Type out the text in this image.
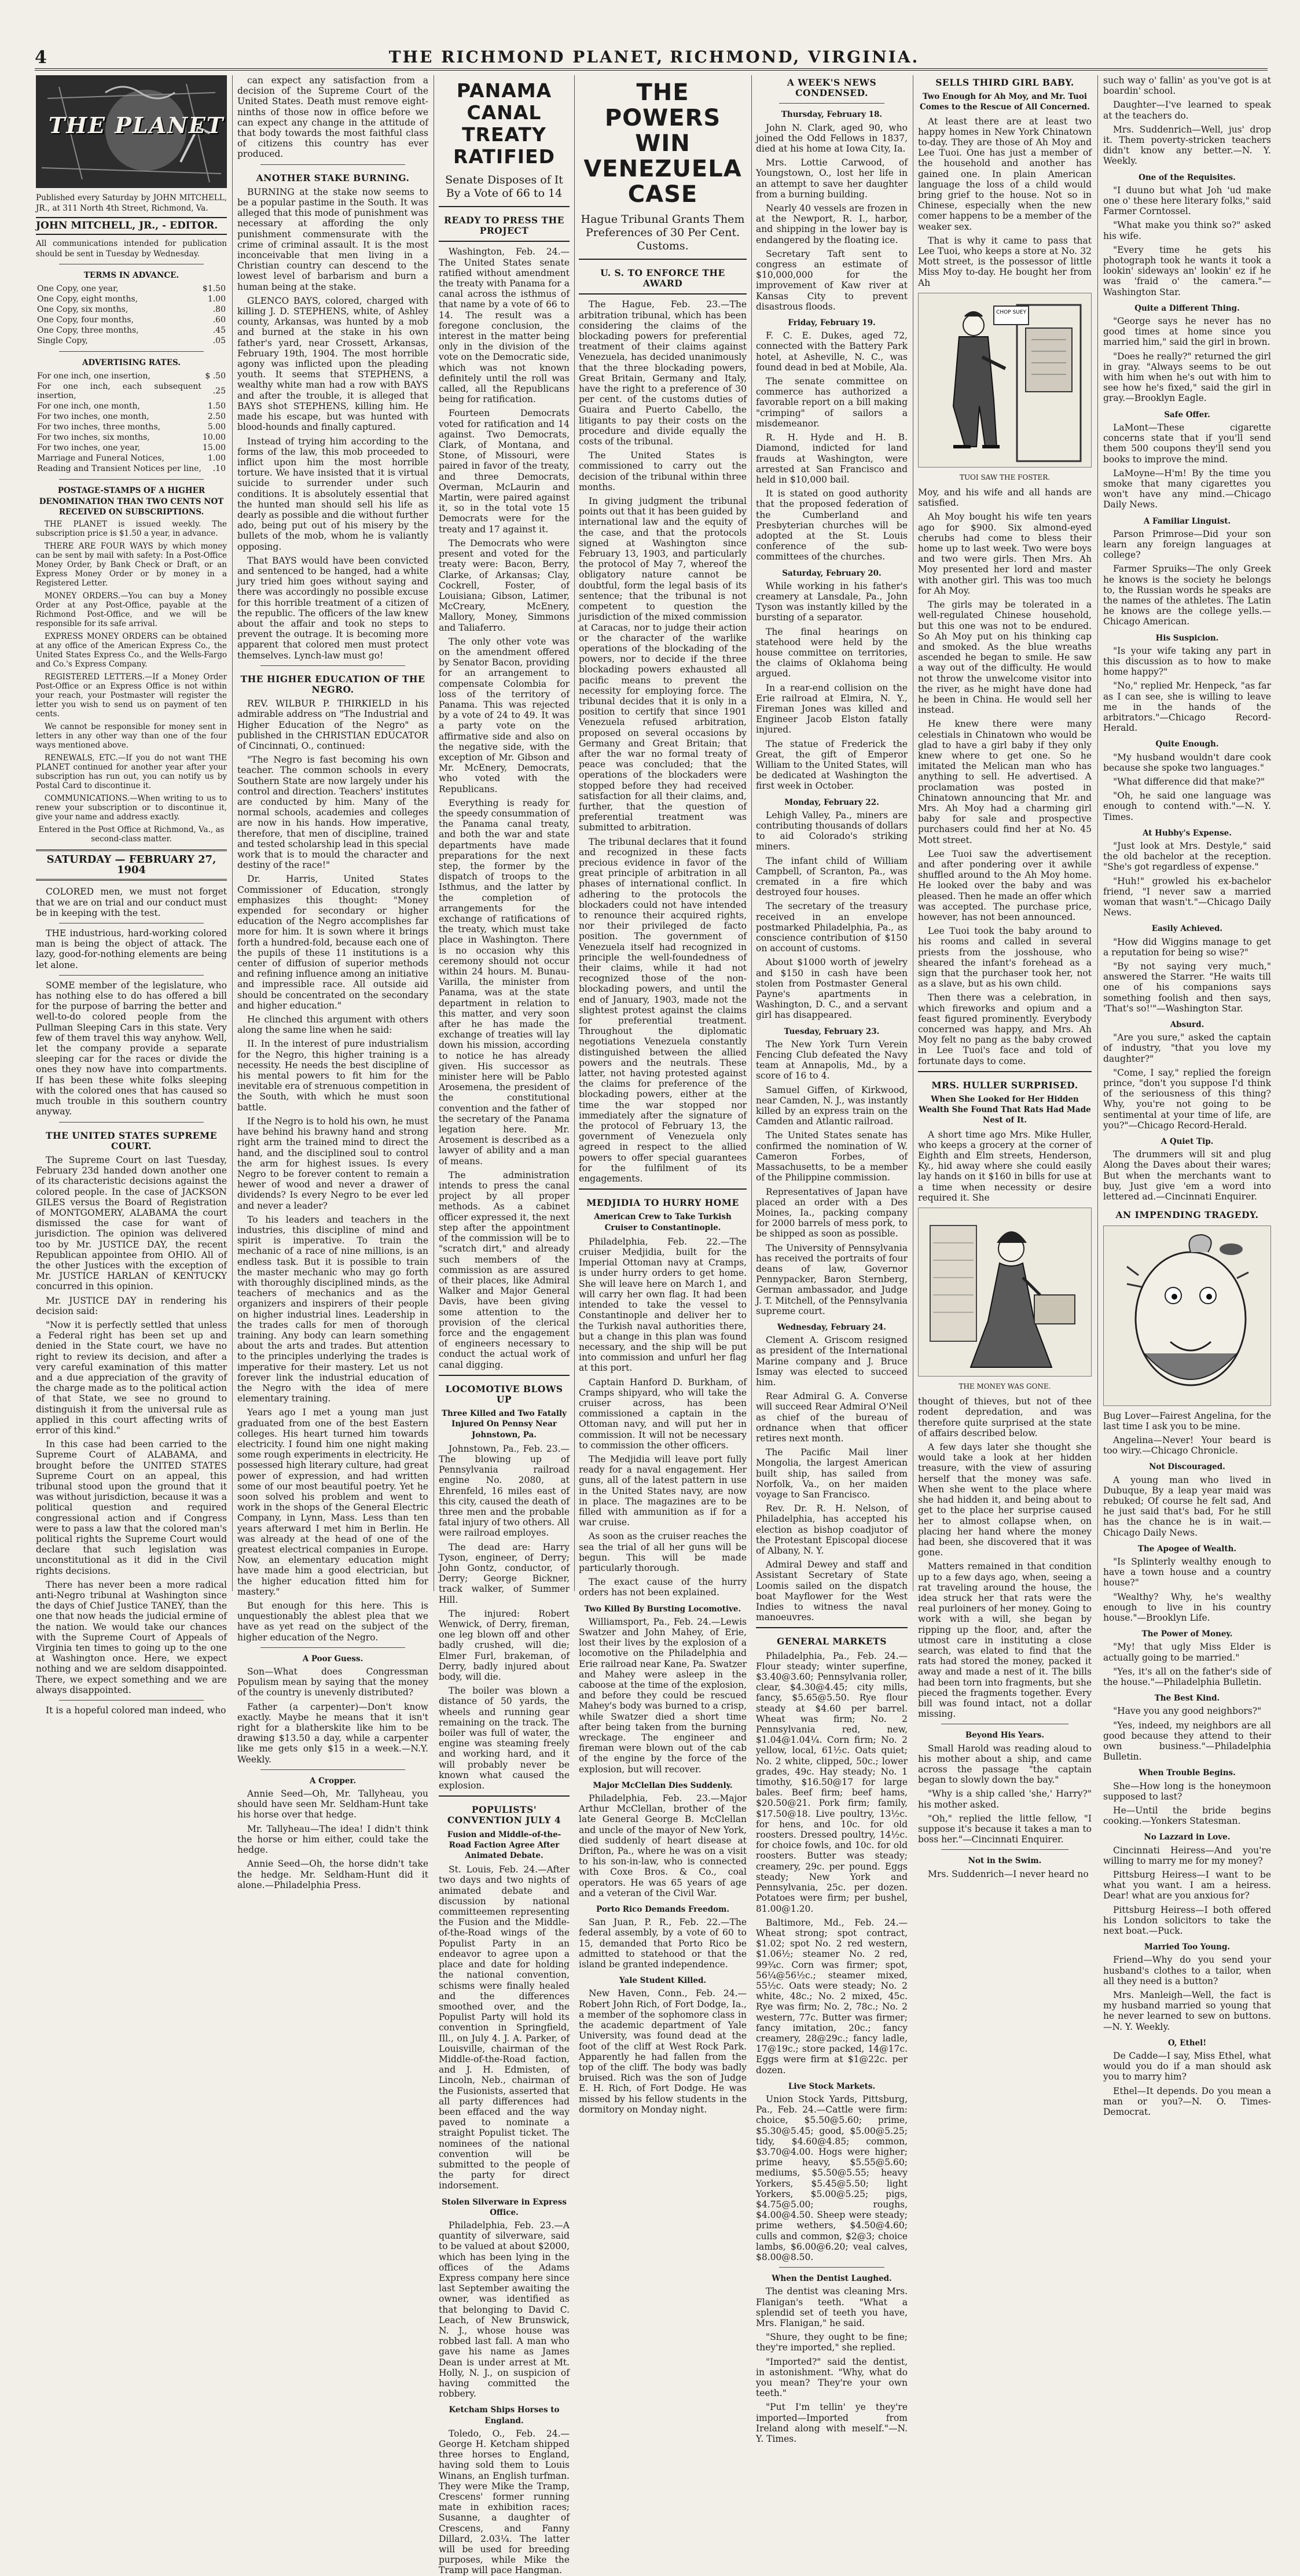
4	THE RICHMOND PLANET, RICHMOND, VIRGINIA.
THE PLANET

Published every Saturday by JOHN MITCHELL, JR., at 311 North 4th Street, Richmond, Va.

JOHN MITCHELL, JR., - EDITOR.

All communications intended for publication should be sent in Tuesday by Wednesday.

TERMS IN ADVANCE.

One Copy, one year,	$1.50
One Copy, eight months,	1.00
One Copy, six months,	.80
One Copy, four months,	.60
One Copy, three months,	.45
Single Copy,	.05

ADVERTISING RATES.

For one inch, one insertion,	$ .50
For one inch, each subsequent insertion,	.25
For one inch, one month,	1.50
For two inches, one month,	2.50
For two inches, three months,	5.00
For two inches, six months,	10.00
For two inches, one year,	15.00
Marriage and Funeral Notices,	1.00
Reading and Transient Notices per line,	.10

POSTAGE-STAMPS OF A HIGHER DENOMINATION THAN TWO CENTS NOT RECEIVED ON SUBSCRIPTIONS.

THE PLANET is issued weekly. The subscription price is $1.50 a year, in advance.

THERE ARE FOUR WAYS by which money can be sent by mail with safety: In a Post-Office Money Order, by Bank Check or Draft, or an Express Money Order or by money in a Registered Letter.

MONEY ORDERS.—You can buy a Money Order at any Post-Office, payable at the Richmond Post-Office, and we will be responsible for its safe arrival.

EXPRESS MONEY ORDERS can be obtained at any office of the American Express Co., the United States Express Co., and the Wells-Fargo and Co.'s Express Company.

REGISTERED LETTERS.—If a Money Order Post-Office or an Express Office is not within your reach, your Postmaster will register the letter you wish to send us on payment of ten cents.

We cannot be responsible for money sent in letters in any other way than one of the four ways mentioned above.

RENEWALS, ETC.—If you do not want THE PLANET continued for another year after your subscription has run out, you can notify us by Postal Card to discontinue it.

COMMUNICATIONS.—When writing to us to renew your subscription or to discontinue it, give your name and address exactly.

Entered in the Post Office at Richmond, Va., as second-class matter.

SATURDAY — FEBRUARY 27, 1904

COLORED men, we must not forget that we are on trial and our conduct must be in keeping with the test.

THE industrious, hard-working colored man is being the object of attack. The lazy, good-for-nothing elements are being let alone.

SOME member of the legislature, who has nothing else to do has offered a bill for the purpose of barring the better and well-to-do colored people from the Pullman Sleeping Cars in this state. Very few of them travel this way anyhow. Well, let the company provide a separate sleeping car for the races or divide the ones they now have into compartments. If has been these white folks sleeping with the colored ones that has caused so much trouble in this southern country anyway.

THE UNITED STATES SUPREME COURT.

The Supreme Court on last Tuesday, February 23d handed down another one of its characteristic decisions against the colored people. In the case of JACKSON GILES versus the Board of Registration of MONTGOMERY, ALABAMA the court dismissed the case for want of jurisdiction. The opinion was delivered too by Mr. JUSTICE DAY, the recent Republican appointee from OHIO. All of the other Justices with the exception of Mr. JUSTICE HARLAN of KENTUCKY concurred in this opinion.

Mr. JUSTICE DAY in rendering his decision said:

"Now it is perfectly settled that unless a Federal right has been set up and denied in the State court, we have no right to review its decision, and after a very careful examination of this matter and a due appreciation of the gravity of the charge made as to the political action of that State, we see no ground to distinguish it from the universal rule as applied in this court affecting writs of error of this kind."

In this case had been carried to the Supreme Court of ALABAMA, and brought before the UNITED STATES Supreme Court on an appeal, this tribunal stood upon the ground that it was without jurisdiction, because it was a political question and required congressional action and if Congress were to pass a law that the colored man's political rights the Supreme Court would declare that such legislation was unconstitutional as it did in the Civil rights decisions.

There has never been a more radical anti-Negro tribunal at Washington since the days of Chief Justice TANEY, than the one that now heads the judicial ermine of the nation. We would take our chances with the Supreme Court of Appeals of Virginia ten times to going up to the one at Washington once. Here, we expect nothing and we are seldom disappointed. There, we expect something and we are always disappointed.

It is a hopeful colored man indeed, who

can expect any satisfaction from a decision of the Supreme Court of the United States. Death must remove eight-ninths of those now in office before we can expect any change in the attitude of that body towards the most faithful class of citizens this country has ever produced.

ANOTHER STAKE BURNING.

BURNING at the stake now seems to be a popular pastime in the South. It was alleged that this mode of punishment was necessary at affording the only punishment commensurate with the crime of criminal assault. It is the most inconceivable that men living in a Christian country can descend to the lowest level of barbarism and burn a human being at the stake.

GLENCO BAYS, colored, charged with killing J. D. STEPHENS, white, of Ashley county, Arkansas, was hunted by a mob and burned at the stake in his own father's yard, near Crossett, Arkansas, February 19th, 1904. The most horrible agony was inflicted upon the pleading youth. It seems that STEPHENS, a wealthy white man had a row with BAYS and after the trouble, it is alleged that BAYS shot STEPHENS, killing him. He made his escape, but was hunted with blood-hounds and finally captured.

Instead of trying him according to the forms of the law, this mob proceeded to inflict upon him the most horrible torture. We have insisted that it is virtual suicide to surrender under such conditions. It is absolutely essential that the hunted man should sell his life as dearly as possible and die without further ado, being put out of his misery by the bullets of the mob, whom he is valiantly opposing.

That BAYS would have been convicted and sentenced to be hanged, had a white jury tried him goes without saying and there was accordingly no possible excuse for this horrible treatment of a citizen of the republic. The officers of the law knew about the affair and took no steps to prevent the outrage. It is becoming more apparent that colored men must protect themselves. Lynch-law must go!

THE HIGHER EDUCATION OF THE NEGRO.

REV. WILBUR P. THIRKIELD in his admirable address on "The Industrial and Higher Education of the Negro" as published in the CHRISTIAN EDUCATOR of Cincinnati, O., continued:

"The Negro is fast becoming his own teacher. The common schools in every Southern State are now largely under his control and direction. Teachers' institutes are conducted by him. Many of the normal schools, academies and colleges are now in his hands. How imperative, therefore, that men of discipline, trained and tested scholarship lead in this special work that is to mould the character and destiny of the race!"

Dr. Harris, United States Commissioner of Education, strongly emphasizes this thought: "Money expended for secondary or higher education of the Negro accomplishes far more for him. It is sown where it brings forth a hundred-fold, because each one of the pupils of these 11 institutions is a center of diffusion of superior methods and refining influence among an initiative and impressible race. All outside aid should be concentrated on the secondary and higher education."

He clinched this argument with others along the same line when he said:

II. In the interest of pure industrialism for the Negro, this higher training is a necessity. He needs the best discipline of his mental powers to fit him for the inevitable era of strenuous competition in the South, with which he must soon battle.

If the Negro is to hold his own, he must have behind his brawny hand and strong right arm the trained mind to direct the hand, and the disciplined soul to control the arm for highest issues. Is every Negro to be forever content to remain a hewer of wood and never a drawer of dividends? Is every Negro to be ever led and never a leader?

To his leaders and teachers in the industries, this discipline of mind and spirit is imperative. To train the mechanic of a race of nine millions, is an endless task. But it is possible to train the master mechanic who may go forth with thoroughly disciplined minds, as the teachers of mechanics and as the organizers and inspirers of their people on higher industrial lines. Leadership in the trades calls for men of thorough training. Any body can learn something about the arts and trades. But attention to the principles underlying the trades is imperative for their mastery. Let us not forever link the industrial education of the Negro with the idea of mere elementary training.

Years ago I met a young man just graduated from one of the best Eastern colleges. His heart turned him towards electricity. I found him one night making some rough experiments in electricity. He possessed high literary culture, had great power of expression, and had written some of our most beautiful poetry. Yet he soon solved his problem and went to work in the shops of the General Electric Company, in Lynn, Mass. Less than ten years afterward I met him in Berlin. He was already at the head of one of the greatest electrical companies in Europe. Now, an elementary education might have made him a good electrician, but the higher education fitted him for mastery."

But enough for this here. This is unquestionably the ablest plea that we have as yet read on the subject of the higher education of the Negro.

A Poor Guess.

Son—What does Congressman Populism mean by saying that the money of the country is unevenly distributed?

Father (a carpenter)—Don't know exactly. Maybe he means that it isn't right for a blatherskite like him to be drawing $13.50 a day, while a carpenter like me gets only $15 in a week.—N.Y. Weekly.

A Cropper.

Annie Seed—Oh, Mr. Tallyheau, you should have seen Mr. Seldham-Hunt take his horse over that hedge.

Mr. Tallyheau—The idea! I didn't think the horse or him either, could take the hedge.

Annie Seed—Oh, the horse didn't take the hedge. Mr. Seldham-Hunt did it alone.—Philadelphia Press.

PANAMA CANAL TREATY RATIFIED
Senate Disposes of It By a Vote of 66 to 14

READY TO PRESS THE PROJECT

Washington, Feb. 24.—The United States senate ratified without amendment the treaty with Panama for a canal across the isthmus of that name by a vote of 66 to 14. The result was a foregone conclusion, the interest in the matter being only in the division of the vote on the Democratic side, which was not known definitely until the roll was called, all the Republicans being for ratification.

Fourteen Democrats voted for ratification and 14 against. Two Democrats, Clark, of Montana, and Stone, of Missouri, were paired in favor of the treaty, and three Democrats, Overman, McLaurin and Martin, were paired against it, so in the total vote 15 Democrats were for the treaty and 17 against it.

The Democrats who were present and voted for the treaty were: Bacon, Berry, Clarke, of Arkansas; Clay, Cockrell, Foster, of Louisiana; Gibson, Latimer, McCreary, McEnery, Mallory, Money, Simmons and Taliaferro.

The only other vote was on the amendment offered by Senator Bacon, providing for an arrangement to compensate Colombia for loss of the territory of Panama. This was rejected by a vote of 24 to 49. It was a party vote on the affirmative side and also on the negative side, with the exception of Mr. Gibson and Mr. McEnery, Democrats, who voted with the Republicans.

Everything is ready for the speedy consummation of the Panama canal treaty, and both the war and state departments have made preparations for the next step, the former by the dispatch of troops to the Isthmus, and the latter by the completion of arrangements for the exchange of ratifications of the treaty, which must take place in Washington. There is no occasion why this ceremony should not occur within 24 hours. M. Bunau-Varilla, the minister from Panama, was at the state department in relation to this matter, and very soon after he has made the exchange of treaties will lay down his mission, according to notice he has already given. His successor as minister here will be Pablo Arosemena, the president of the constitutional convention and the father of the secretary of the Panama legation here. Mr. Arosement is described as a lawyer of ability and a man of means.

The administration intends to press the canal project by all proper methods. As a cabinet officer expressed it, the next step after the appointment of the commission will be to "scratch dirt," and already such members of the commission as are assured of their places, like Admiral Walker and Major General Davis, have been giving some attention to the provision of the clerical force and the engagement of engineers necessary to conduct the actual work of canal digging.

LOCOMOTIVE BLOWS UP

Three Killed and Two Fatally Injured On Pennsy Near Johnstown, Pa.

Johnstown, Pa., Feb. 23.—The blowing up of Pennsylvania railroad engine No. 2080, at Ehrenfeld, 16 miles east of this city, caused the death of three men and the probable fatal injury of two others. All were railroad employes.

The dead are: Harry Tyson, engineer, of Derry; John Gontz, conductor, of Derry; George Bickner, track walker, of Summer Hill.

The injured: Robert Wenwick, of Derry, fireman, one leg blown off and other badly crushed, will die; Elmer Furl, brakeman, of Derry, badly injured about body, will die.

The boiler was blown a distance of 50 yards, the wheels and running gear remaining on the track. The boiler was full of water, the engine was steaming freely and working hard, and it will probably never be known what caused the explosion.

POPULISTS' CONVENTION JULY 4

Fusion and Middle-of-the-Road Faction Agree After Animated Debate.

St. Louis, Feb. 24.—After two days and two nights of animated debate and discussion by national committeemen representing the Fusion and the Middle-of-the-Road wings of the Populist Party in an endeavor to agree upon a place and date for holding the national convention, schisms were finally healed and the differences smoothed over, and the Populist Party will hold its convention in Springfield, Ill., on July 4. J. A. Parker, of Louisville, chairman of the Middle-of-the-Road faction, and J. H. Edmisten, of Lincoln, Neb., chairman of the Fusionists, asserted that all party differences had been effaced and the way paved to nominate a straight Populist ticket. The nominees of the national convention will be submitted to the people of the party for direct indorsement.

Stolen Silverware in Express Office.

Philadelphia, Feb. 23.—A quantity of silverware, said to be valued at about $2000, which has been lying in the offices of the Adams Express company here since last September awaiting the owner, was identified as that belonging to David C. Leach, of New Brunswick, N. J., whose house was robbed last fall. A man who gave his name as James Dean is under arrest at Mt. Holly, N. J., on suspicion of having committed the robbery.

Ketcham Ships Horses to England.

Toledo, O., Feb. 24.—George H. Ketcham shipped three horses to England, having sold them to Louis Winans, an English turfman. They were Mike the Tramp, Crescens' former running mate in exhibition races; Susanne, a daughter of Crescens, and Fanny Dillard, 2.03¼. The latter will be used for breeding purposes, while Mike the Tramp will pace Hangman.

THE POWERS WIN VENEZUELA CASE
Hague Tribunal Grants Them Preferences of 30 Per Cent. Customs.

U. S. TO ENFORCE THE AWARD

The Hague, Feb. 23.—The arbitration tribunal, which has been considering the claims of the blockading powers for preferential treatment of their claims against Venezuela, has decided unanimously that the three blockading powers, Great Britain, Germany and Italy, have the right to a preference of 30 per cent. of the customs duties of Guaira and Puerto Cabello, the litigants to pay their costs on the procedure and divide equally the costs of the tribunal.

The United States is commissioned to carry out the decision of the tribunal within three months.

In giving judgment the tribunal points out that it has been guided by international law and the equity of the case, and that the protocols signed at Washington since February 13, 1903, and particularly the protocol of May 7, whereof the obligatory nature cannot be doubtful, form the legal basis of its sentence; that the tribunal is not competent to question the jurisdiction of the mixed commission at Caracas, nor to judge their action or the character of the warlike operations of the blockading of the powers, nor to decide if the three blockading powers exhausted all pacific means to prevent the necessity for employing force. The tribunal decides that it is only in a position to certify that since 1901 Venezuela refused arbitration, proposed on several occasions by Germany and Great Britain; that after the war no formal treaty of peace was concluded; that the operations of the blockaders were stopped before they had received satisfaction for all their claims, and, further, that the question of preferential treatment was submitted to arbitration.

The tribunal declares that it found and recognized in these facts precious evidence in favor of the great principle of arbitration in all phases of international conflict. In adhering to the protocols the blockaders could not have intended to renounce their acquired rights, nor their privileged de facto position. The government of Venezuela itself had recognized in principle the well-foundedness of their claims, while it had not recognized those of the non-blockading powers, and until the end of January, 1903, made not the slightest protest against the claims for preferential treatment. Throughout the diplomatic negotiations Venezuela constantly distinguished between the allied powers and the neutrals. These latter, not having protested against the claims for preference of the blockading powers, either at the time the war stopped nor immediately after the signature of the protocol of February 13, the government of Venezuela only agreed in respect to the allied powers to offer special guarantees for the fulfilment of its engagements.

MEDJIDIA TO HURRY HOME

American Crew to Take Turkish Cruiser to Constantinople.

Philadelphia, Feb. 22.—The cruiser Medjidia, built for the Imperial Ottoman navy at Cramps, is under hurry orders to get home. She will leave here on March 1, and will carry her own flag. It had been intended to take the vessel to Constantinople and deliver her to the Turkish naval authorities there, but a change in this plan was found necessary, and the ship will be put into commission and unfurl her flag at this port.

Captain Hanford D. Burkham, of Cramps shipyard, who will take the cruiser across, has been commissioned a captain in the Ottoman navy, and will put her in commission. It will not be necessary to commission the other officers.

The Medjidia will leave port fully ready for a naval engagement. Her guns, all of the latest pattern in use in the United States navy, are now in place. The magazines are to be filled with ammunition as if for a war cruise.

As soon as the cruiser reaches the sea the trial of all her guns will be begun. This will be made particularly thorough.

The exact cause of the hurry orders has not been explained.

Two Killed By Bursting Locomotive.

Williamsport, Pa., Feb. 24.—Lewis Swatzer and John Mahey, of Erie, lost their lives by the explosion of a locomotive on the Philadelphia and Erie railroad near Kane, Pa. Swatzer and Mahey were asleep in the caboose at the time of the explosion, and before they could be rescued Mahey's body was burned to a crisp, while Swatzer died a short time after being taken from the burning wreckage. The engineer and fireman were blown out of the cab of the engine by the force of the explosion, but will recover.

Major McClellan Dies Suddenly.

Philadelphia, Feb. 23.—Major Arthur McClellan, brother of the late General George B. McClellan and uncle of the mayor of New York, died suddenly of heart disease at Drifton, Pa., where he was on a visit to his son-in-law, who is connected with Coxe Bros. & Co., coal operators. He was 65 years of age and a veteran of the Civil War.

Porto Rico Demands Freedom.

San Juan, P. R., Feb. 22.—The federal assembly, by a vote of 60 to 15, demanded that Porto Rico be admitted to statehood or that the island be granted independence.

Yale Student Killed.

New Haven, Conn., Feb. 24.—Robert John Rich, of Fort Dodge, Ia., a member of the sophomore class in the academic department of Yale University, was found dead at the foot of the cliff at West Rock Park. Apparently he had fallen from the top of the cliff. The body was badly bruised. Rich was the son of Judge E. H. Rich, of Fort Dodge. He was missed by his fellow students in the dormitory on Monday night.

A WEEK'S NEWS CONDENSED.

Thursday, February 18.

John N. Clark, aged 90, who joined the Odd Fellows in 1837, died at his home at Iowa City, Ia.

Mrs. Lottie Carwood, of Youngstown, O., lost her life in an attempt to save her daughter from a burning building.

Nearly 40 vessels are frozen in at the Newport, R. I., harbor, and shipping in the lower bay is endangered by the floating ice.

Secretary Taft sent to congress an estimate of $10,000,000 for the improvement of Kaw river at Kansas City to prevent disastrous floods.

Friday, February 19.

F. C. E. Dukes, aged 72, connected with the Battery Park hotel, at Asheville, N. C., was found dead in bed at Mobile, Ala.

The senate committee on commerce has authorized a favorable report on a bill making "crimping" of sailors a misdemeanor.

R. H. Hyde and H. B. Diamond, indicted for land frauds at Washington, were arrested at San Francisco and held in $10,000 bail.

It is stated on good authority that the proposed federation of the Cumberland and Presbyterian churches will be adopted at the St. Louis conference of the sub-committees of the churches.

Saturday, February 20.

While working in his father's creamery at Lansdale, Pa., John Tyson was instantly killed by the bursting of a separator.

The final hearings on statehood were held by the house committee on territories, the claims of Oklahoma being argued.

In a rear-end collision on the Erie railroad at Elmira, N. Y., Fireman Jones was killed and Engineer Jacob Elston fatally injured.

The statue of Frederick the Great, the gift of Emperor William to the United States, will be dedicated at Washington the first week in October.

Monday, February 22.

Lehigh Valley, Pa., miners are contributing thousands of dollars to aid Colorado's striking miners.

The infant child of William Campbell, of Scranton, Pa., was cremated in a fire which destroyed four houses.

The secretary of the treasury received in an envelope postmarked Philadelphia, Pa., as conscience contribution of $150 on account of customs.

About $1000 worth of jewelry and $150 in cash have been stolen from Postmaster General Payne's apartments in Washington, D. C., and a servant girl has disappeared.

Tuesday, February 23.

The New York Turn Verein Fencing Club defeated the Navy team at Annapolis, Md., by a score of 16 to 4.

Samuel Giffen, of Kirkwood, near Camden, N. J., was instantly killed by an express train on the Camden and Atlantic railroad.

The United States senate has confirmed the nomination of W. Cameron Forbes, of Massachusetts, to be a member of the Philippine commission.

Representatives of Japan have placed an order with a Des Moines, Ia., packing company for 2000 barrels of mess pork, to be shipped as soon as possible.

The University of Pennsylvania has received the portraits of four deans of law, Governor Pennypacker, Baron Sternberg, German ambassador, and Judge J. T. Mitchell, of the Pennsylvania supreme court.

Wednesday, February 24.

Clement A. Griscom resigned as president of the International Marine company and J. Bruce Ismay was elected to succeed him.

Rear Admiral G. A. Converse will succeed Rear Admiral O'Neil as chief of the bureau of ordnance when that officer retires next month.

The Pacific Mail liner Mongolia, the largest American built ship, has sailed from Norfolk, Va., on her maiden voyage to San Francisco.

Rev. Dr. R. H. Nelson, of Philadelphia, has accepted his election as bishop coadjutor of the Protestant Episcopal diocese of Albany, N. Y.

Admiral Dewey and staff and Assistant Secretary of State Loomis sailed on the dispatch boat Mayflower for the West Indies to witness the naval manoeuvres.

GENERAL MARKETS

Philadelphia, Pa., Feb. 24.—Flour steady; winter superfine, $3.40@3.60; Pennsylvania roller, clear, $4.30@4.45; city mills, fancy, $5.65@5.50. Rye flour steady at $4.60 per barrel. Wheat was firm; No. 2 Pennsylvania red, new, $1.04@1.04¼. Corn firm; No. 2 yellow, local, 61½c. Oats quiet; No. 2 white, clipped, 50c.; lower grades, 49c. Hay steady; No. 1 timothy, $16.50@17 for large bales. Beef firm; beef hams, $20.50@21. Pork firm; family, $17.50@18. Live poultry, 13½c. for hens, and 10c. for old roosters. Dressed poultry, 14½c. for choice fowls, and 10c. for old roosters. Butter was steady; creamery, 29c. per pound. Eggs steady; New York and Pennsylvania, 25c. per dozen. Potatoes were firm; per bushel, 81.00@1.20.

Baltimore, Md., Feb. 24.—Wheat strong; spot contract, $1.02; spot No. 2 red western, $1.06½; steamer No. 2 red, 99¾c. Corn was firmer; spot, 56¼@56½c.; steamer mixed, 55½c. Oats were steady; No. 2 white, 48c.; No. 2 mixed, 45c. Rye was firm; No. 2, 78c.; No. 2 western, 77c. Butter was firmer; fancy imitation, 20c.; fancy creamery, 28@29c.; fancy ladle, 17@19c.; store packed, 14@17c. Eggs were firm at $1@22c. per dozen.

Live Stock Markets.

Union Stock Yards, Pittsburg, Pa., Feb. 24.—Cattle were firm: choice, $5.50@5.60; prime, $5.30@5.45; good, $5.00@5.25; tidy, $4.60@4.85; common, $3.70@4.00. Hogs were higher; prime heavy, $5.55@5.60; mediums, $5.50@5.55; heavy Yorkers, $5.45@5.50; light Yorkers, $5.00@5.25; pigs, $4.75@5.00; roughs, $4.00@4.50. Sheep were steady; prime wethers, $4.50@4.60; culls and common, $2@3; choice lambs, $6.00@6.20; veal calves, $8.00@8.50.

When the Dentist Laughed.

The dentist was cleaning Mrs. Flanigan's teeth. "What a splendid set of teeth you have, Mrs. Flanigan," he said.

"Shure, they ought to be fine; they're imported," she replied.

"Imported?" said the dentist, in astonishment. "Why, what do you mean? They're your own teeth."

"Put I'm tellin' ye they're imported—Imported from Ireland along with meself."—N. Y. Times.

SELLS THIRD GIRL BABY.

Two Enough for Ah Moy, and Mr. Tuoi Comes to the Rescue of All Concerned.

At least there are at least two happy homes in New York Chinatown to-day. They are those of Ah Moy and Lee Tuoi. One has just a member of the household and another has gained one. In plain American language the loss of a child would bring grief to the house. Not so in Chinese, especially when the new comer happens to be a member of the weaker sex.

That is why it came to pass that Lee Tuoi, who keeps a store at No. 32 Mott street, is the possessor of little Miss Moy to-day. He bought her from Ah

CHOP SUEY

TUOI SAW THE FOSTER.

Moy, and his wife and all hands are satisfied.

Ah Moy bought his wife ten years ago for $900. Six almond-eyed cherubs had come to bless their home up to last week. Two were boys and two were girls. Then Mrs. Ah Moy presented her lord and master with another girl. This was too much for Ah Moy.

The girls may be tolerated in a well-regulated Chinese household, but this one was not to be endured. So Ah Moy put on his thinking cap and smoked. As the blue wreaths ascended he began to smile. He saw a way out of the difficulty. He would not throw the unwelcome visitor into the river, as he might have done had he been in China. He would sell her instead.

He knew there were many celestials in Chinatown who would be glad to have a girl baby if they only knew where to get one. So he imitated the Melican man who has anything to sell. He advertised. A proclamation was posted in Chinatown announcing that Mr. and Mrs. Ah Moy had a charming girl baby for sale and prospective purchasers could find her at No. 45 Mott street.

Lee Tuoi saw the advertisement and after pondering over it awhile shuffled around to the Ah Moy home. He looked over the baby and was pleased. Then he made an offer which was accepted. The purchase price, however, has not been announced.

Lee Tuoi took the baby around to his rooms and called in several priests from the josshouse, who sheared the infant's forehead as a sign that the purchaser took her, not as a slave, but as his own child.

Then there was a celebration, in which fireworks and opium and a feast figured prominently. Everybody concerned was happy, and Mrs. Ah Moy felt no pang as the baby crowed in Lee Tuoi's face and told of fortunate days to come.

MRS. HULLER SURPRISED.

When She Looked for Her Hidden Wealth She Found That Rats Had Made Nest of It.

A short time ago Mrs. Mike Huller, who keeps a grocery at the corner of Eighth and Elm streets, Henderson, Ky., hid away where she could easily lay hands on it $160 in bills for use at a time when necessity or desire required it. She

THE MONEY WAS GONE.

thought of thieves, but not of thee rodent depredation, and was therefore quite surprised at the state of affairs described below.

A few days later she thought she would take a look at her hidden treasure, with the view of assuring herself that the money was safe. When she went to the place where she had hidden it, and being about to get to the place her surprise caused her to almost collapse when, on placing her hand where the money had been, she discovered that it was gone.

Matters remained in that condition up to a few days ago, when, seeing a rat traveling around the house, the idea struck her that rats were the real purloiners of her money. Going to work with a will, she began by ripping up the floor, and, after the utmost care in instituting a close search, was elated to find that the rats had stored the money, packed it away and made a nest of it. The bills had been torn into fragments, but she pieced the fragments together. Every bill was found intact, not a dollar missing.

Beyond His Years.

Small Harold was reading aloud to his mother about a ship, and came across the passage "the captain began to slowly down the bay."

"Why is a ship called 'she,' Harry?" his mother asked.

"Oh," replied the little fellow, "I suppose it's because it takes a man to boss her."—Cincinnati Enquirer.

Not in the Swim.

Mrs. Suddenrich—I never heard no

such way o' fallin' as you've got is at boardin' school.

Daughter—I've learned to speak at the teachers do.

Mrs. Suddenrich—Well, jus' drop it. Them poverty-stricken teachers didn't know any better.—N. Y. Weekly.

One of the Requisites.

"I duuno but what Joh 'ud make one o' these here literary folks," said Farmer Corntossel.

"What make you think so?" asked his wife.

"Every time he gets his photograph took he wants it took a lookin' sideways an' lookin' ez if he was 'fraid o' the camera."—Washington Star.

Quite a Different Thing.

"George says he never has no good times at home since you married him," said the girl in brown.

"Does he really?" returned the girl in gray. "Always seems to be out with him when he's out with him to see how he's fixed," said the girl in gray.—Brooklyn Eagle.

Safe Offer.

LaMont—These cigarette concerns state that if you'll send them 500 coupons they'll send you books to improve the mind.

LaMoyne—H'm! By the time you smoke that many cigarettes you won't have any mind.—Chicago Daily News.

A Familiar Linguist.

Parson Primrose—Did your son learn any foreign languages at college?

Farmer Spruiks—The only Greek he knows is the society he belongs to, the Russian words he speaks are the names of the athletes. The Latin he knows are the college yells.—Chicago American.

His Suspicion.

"Is your wife taking any part in this discussion as to how to make home happy?"

"No," replied Mr. Henpeck, "as far as I can see, she is willing to leave me in the hands of the arbitrators."—Chicago Record-Herald.

Quite Enough.

"My husband wouldn't dare cook because she spoke two languages."

"What difference did that make?"

"Oh, he said one language was enough to contend with."—N. Y. Times.

At Hubby's Expense.

"Just look at Mrs. Destyle," said the old bachelor at the reception. "She's got regardless of expense."

"Huh!" growled his ex-bachelor friend, "I never saw a married woman that wasn't."—Chicago Daily News.

Easily Achieved.

"How did Wiggins manage to get a reputation for being so wise?"

"By not saying very much," answered the Starrer. "He waits till one of his companions says something foolish and then says, 'That's so!'"—Washington Star.

Absurd.

"Are you sure," asked the captain of industry, "that you love my daughter?"

"Come, I say," replied the foreign prince, "don't you suppose I'd think of the seriousness of this thing? Why, you're not going to be sentimental at your time of life, are you?"—Chicago Record-Herald.

A Quiet Tip.

The drummers will sit and plug Along the Daves about their wares; But when the merchants want to buy, Just give 'em a word into lettered ad.—Cincinnati Enquirer.

AN IMPENDING TRAGEDY.

Bug Lover—Fairest Angelina, for the last time I ask you to be mine.

Angelina—Never! Your beard is too wiry.—Chicago Chronicle.

Not Discouraged.

A young man who lived in Dubuque, By a leap year maid was rebuked; Of course he felt sad, And he just said that's bad, For he still has the chance he is in wait.—Chicago Daily News.

The Apogee of Wealth.

"Is Splinterly wealthy enough to have a town house and a country house?"

"Wealthy? Why, he's wealthy enough to live in his country house."—Brooklyn Life.

The Power of Money.

"My! that ugly Miss Elder is actually going to be married."

"Yes, it's all on the father's side of the house."—Philadelphia Bulletin.

The Best Kind.

"Have you any good neighbors?"

"Yes, indeed, my neighbors are all good because they attend to their own business."—Philadelphia Bulletin.

When Trouble Begins.

She—How long is the honeymoon supposed to last?

He—Until the bride begins cooking.—Yonkers Statesman.

No Lazzard in Love.

Cincinnati Heiress—And you're willing to marry me for my money?

Pittsburg Heiress—I want to be what you want. I am a heiress. Dear! what are you anxious for?

Pittsburg Heiress—I both offered his London solicitors to take the next boat.—Puck.

Married Too Young.

Friend—Why do you send your husband's clothes to a tailor, when all they need is a button?

Mrs. Manleigh—Well, the fact is my husband married so young that he never learned to sew on buttons.—N. Y. Weekly.

O, Ethel!

De Cadde—I say, Miss Ethel, what would you do if a man should ask you to marry him?

Ethel—It depends. Do you mean a man or you?—N. O. Times-Democrat.
